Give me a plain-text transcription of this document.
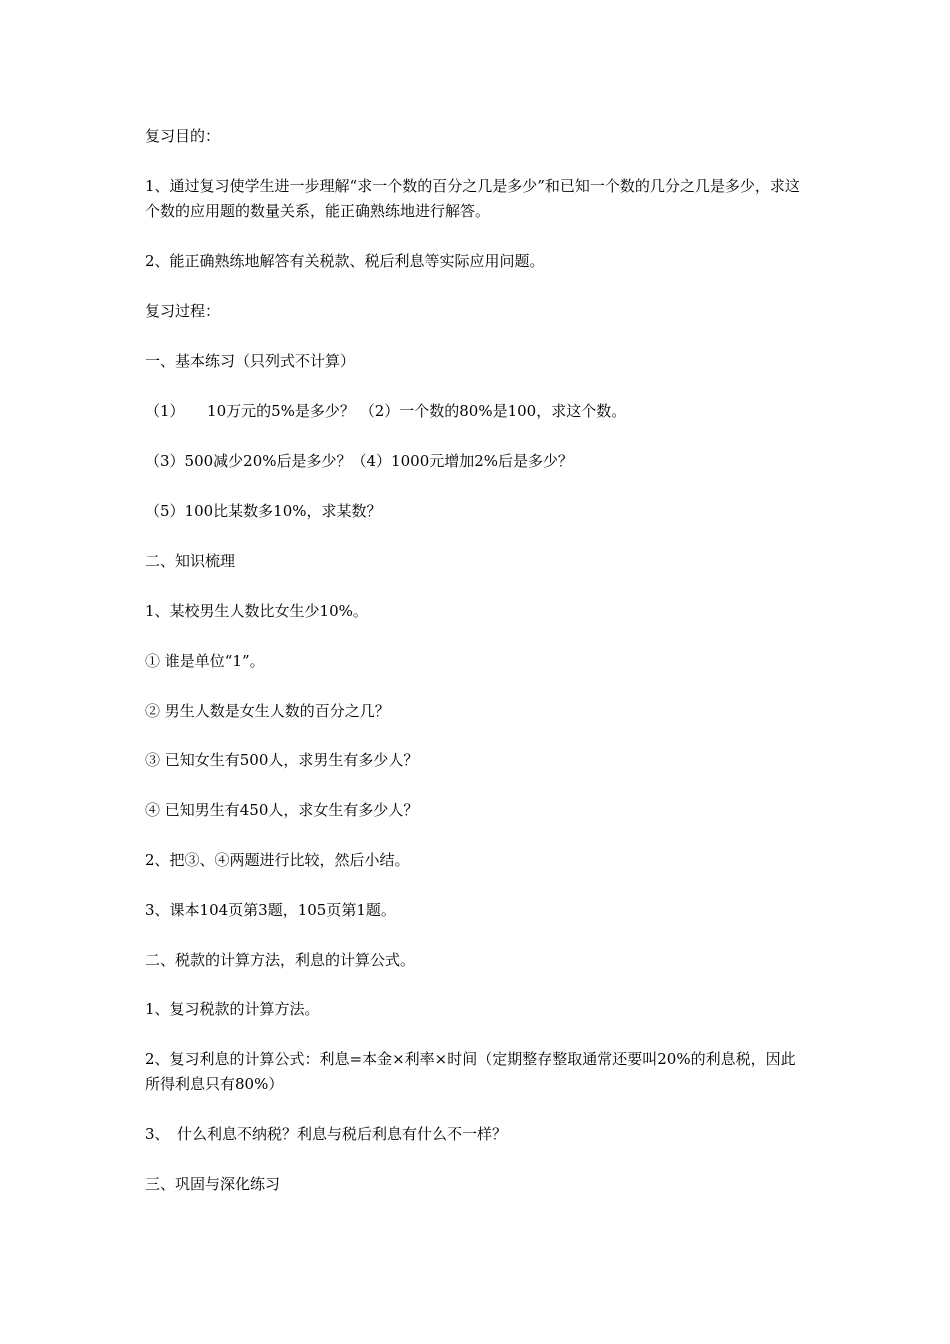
复习目的：
1、通过复习使学生进一步理解“求一个数的百分之几是多少”和已知一个数的几分之几是多少，求这个数的应用题的数量关系，能正确熟练地进行解答。
2、能正确熟练地解答有关税款、税后利息等实际应用问题。
复习过程：
一、基本练习（只列式不计算）
（1）　　10万元的5%是多少？ （2）一个数的80%是100，求这个数。
（3）500减少20%后是多少？（4）1000元增加2%后是多少？
（5）100比某数多10%，求某数？
二、知识梳理
1、某校男生人数比女生少10%。
① 谁是单位“1”。
② 男生人数是女生人数的百分之几？
③ 已知女生有500人，求男生有多少人？
④ 已知男生有450人，求女生有多少人？
2、把③、④两题进行比较，然后小结。
3、课本104页第3题，105页第1题。
二、税款的计算方法，利息的计算公式。
1、复习税款的计算方法。
2、复习利息的计算公式：利息=本金×利率×时间（定期整存整取通常还要叫20%的利息税，因此所得利息只有80%）
3、　什么利息不纳税？利息与税后利息有什么不一样？
三、巩固与深化练习
